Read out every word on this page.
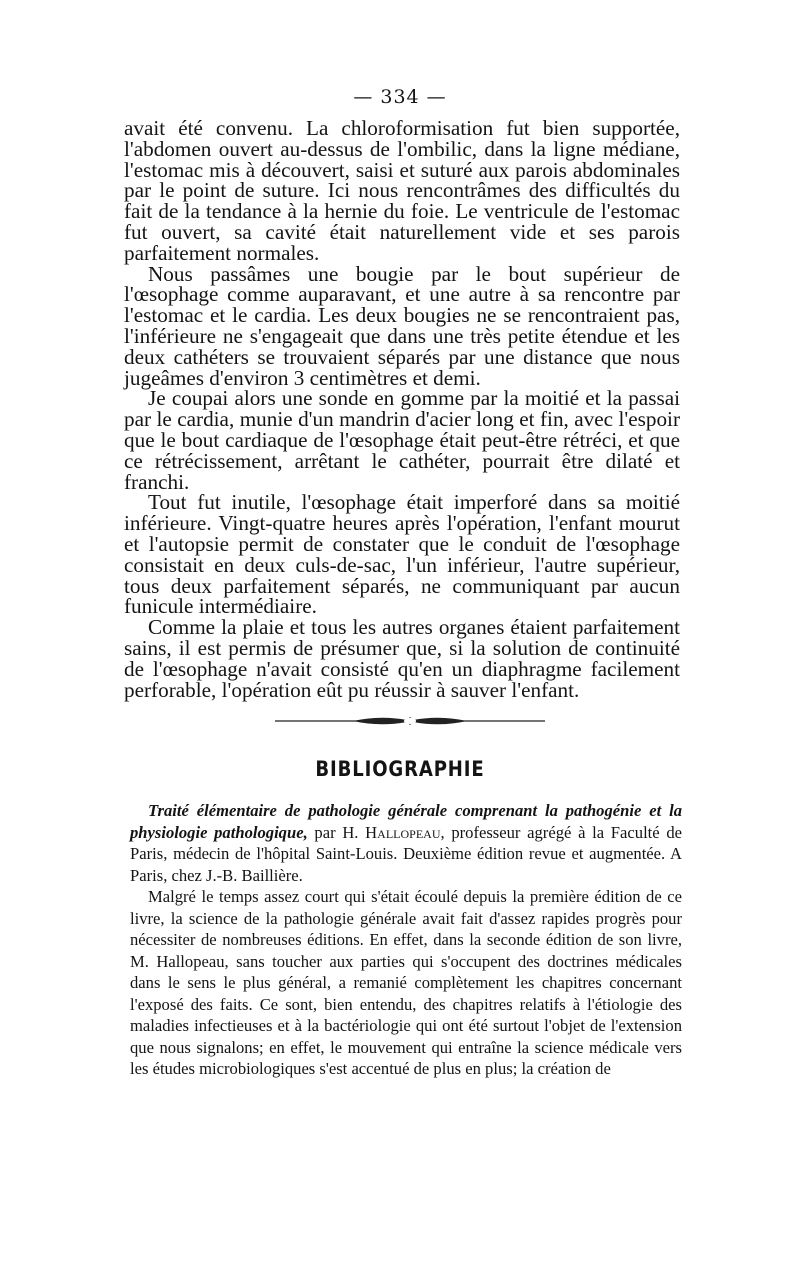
— 334 —

avait été convenu. La chloroformisation fut bien supportée, l'abdomen ouvert au-dessus de l'ombilic, dans la ligne médiane, l'estomac mis à découvert, saisi et suturé aux parois abdominales par le point de suture. Ici nous rencontrâmes des difficultés du fait de la tendance à la hernie du foie. Le ventricule de l'estomac fut ouvert, sa cavité était naturellement vide et ses parois parfaitement normales.

Nous passâmes une bougie par le bout supérieur de l'œsophage comme auparavant, et une autre à sa rencontre par l'estomac et le cardia. Les deux bougies ne se rencontraient pas, l'inférieure ne s'engageait que dans une très petite étendue et les deux cathéters se trouvaient séparés par une distance que nous jugeâmes d'environ 3 centimètres et demi.

Je coupai alors une sonde en gomme par la moitié et la passai par le cardia, munie d'un mandrin d'acier long et fin, avec l'espoir que le bout cardiaque de l'œsophage était peut-être rétréci, et que ce rétrécissement, arrêtant le cathéter, pourrait être dilaté et franchi.

Tout fut inutile, l'œsophage était imperforé dans sa moitié inférieure. Vingt-quatre heures après l'opération, l'enfant mourut et l'autopsie permit de constater que le conduit de l'œsophage consistait en deux culs-de-sac, l'un inférieur, l'autre supérieur, tous deux parfaitement séparés, ne communiquant par aucun funicule intermédiaire.

Comme la plaie et tous les autres organes étaient parfaitement sains, il est permis de présumer que, si la solution de continuité de l'œsophage n'avait consisté qu'en un diaphragme facilement perforable, l'opération eût pu réussir à sauver l'enfant.

BIBLIOGRAPHIE

Traité élémentaire de pathologie générale comprenant la pathogénie et la physiologie pathologique, par H. Hallopeau, professeur agrégé à la Faculté de Paris, médecin de l'hôpital Saint-Louis. Deuxième édition revue et augmentée. A Paris, chez J.-B. Baillière.

Malgré le temps assez court qui s'était écoulé depuis la première édition de ce livre, la science de la pathologie générale avait fait d'assez rapides progrès pour nécessiter de nombreuses éditions. En effet, dans la seconde édition de son livre, M. Hallopeau, sans toucher aux parties qui s'occupent des doctrines médicales dans le sens le plus général, a remanié complètement les chapitres concernant l'exposé des faits. Ce sont, bien entendu, des chapitres relatifs à l'étiologie des maladies infectieuses et à la bactériologie qui ont été surtout l'objet de l'extension que nous signalons; en effet, le mouvement qui entraîne la science médicale vers les études microbiologiques s'est accentué de plus en plus; la création de
